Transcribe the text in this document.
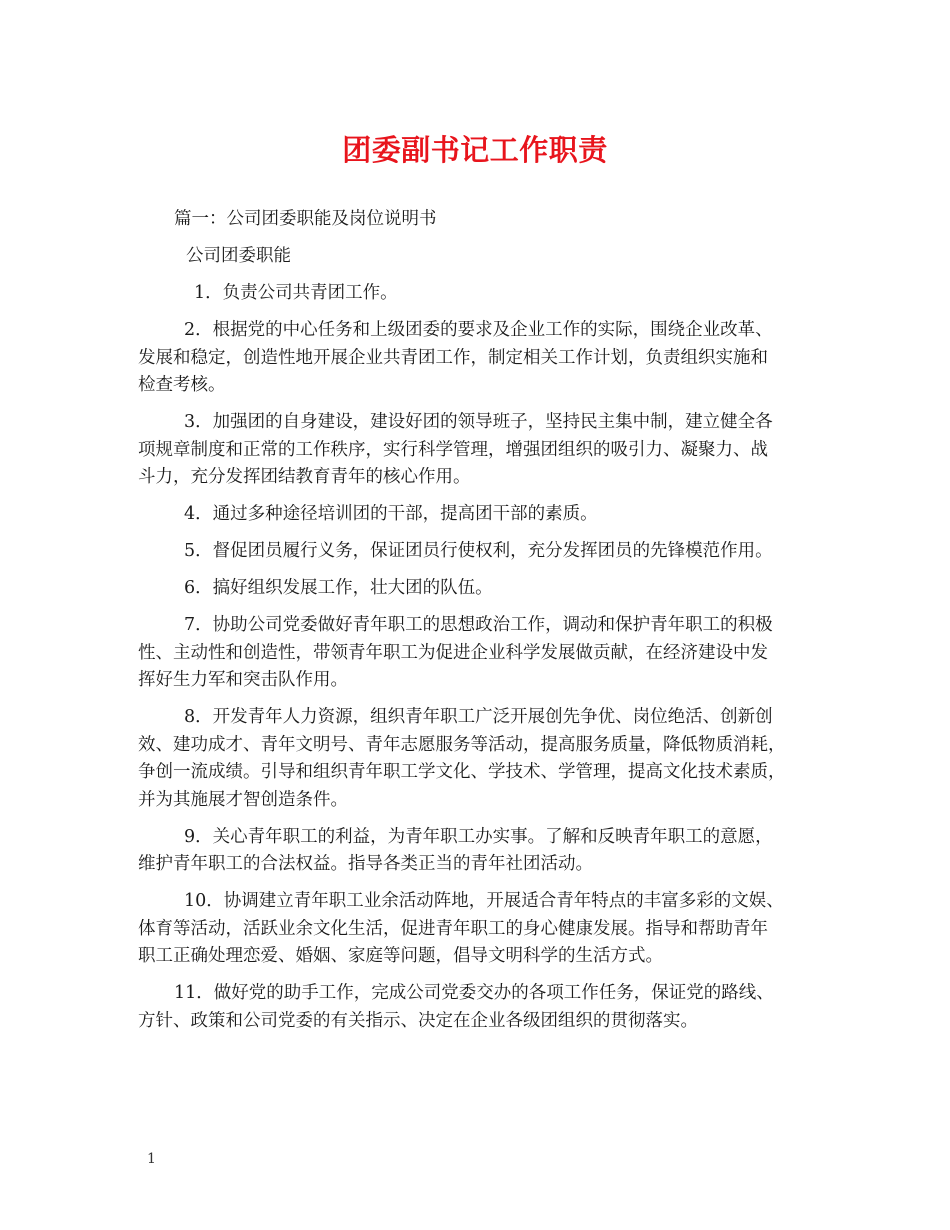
团委副书记工作职责
篇一：公司团委职能及岗位说明书
公司团委职能
1．负责公司共青团工作。
2．根据党的中心任务和上级团委的要求及企业工作的实际，围绕企业改革、
发展和稳定，创造性地开展企业共青团工作，制定相关工作计划，负责组织实施和
检查考核。
3．加强团的自身建设，建设好团的领导班子，坚持民主集中制，建立健全各
项规章制度和正常的工作秩序，实行科学管理，增强团组织的吸引力、凝聚力、战
斗力，充分发挥团结教育青年的核心作用。
4．通过多种途径培训团的干部，提高团干部的素质。
5．督促团员履行义务，保证团员行使权利，充分发挥团员的先锋模范作用。
6．搞好组织发展工作，壮大团的队伍。
7．协助公司党委做好青年职工的思想政治工作，调动和保护青年职工的积极
性、主动性和创造性，带领青年职工为促进企业科学发展做贡献，在经济建设中发
挥好生力军和突击队作用。
8．开发青年人力资源，组织青年职工广泛开展创先争优、岗位绝活、创新创
效、建功成才、青年文明号、青年志愿服务等活动，提高服务质量，降低物质消耗，
争创一流成绩。引导和组织青年职工学文化、学技术、学管理，提高文化技术素质，
并为其施展才智创造条件。
9．关心青年职工的利益，为青年职工办实事。了解和反映青年职工的意愿，
维护青年职工的合法权益。指导各类正当的青年社团活动。
10．协调建立青年职工业余活动阵地，开展适合青年特点的丰富多彩的文娱、
体育等活动，活跃业余文化生活，促进青年职工的身心健康发展。指导和帮助青年
职工正确处理恋爱、婚姻、家庭等问题，倡导文明科学的生活方式。
11．做好党的助手工作，完成公司党委交办的各项工作任务，保证党的路线、
方针、政策和公司党委的有关指示、决定在企业各级团组织的贯彻落实。
1
